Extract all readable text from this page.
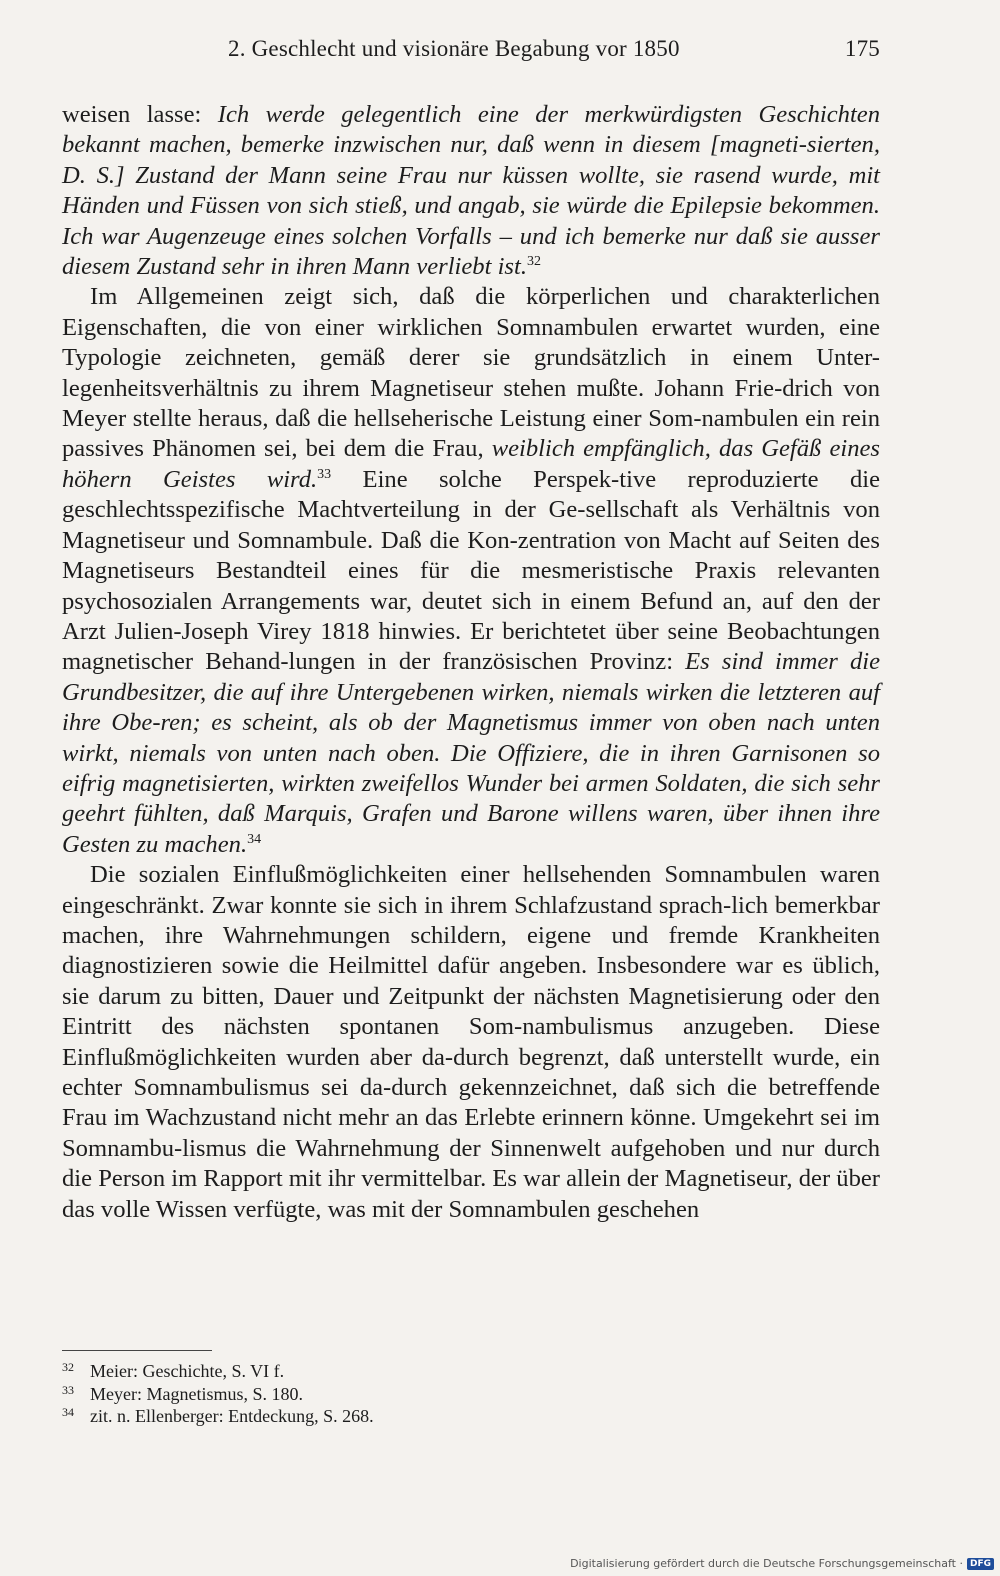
2. Geschlecht und visionäre Begabung vor 1850	175

weisen lasse: Ich werde gelegentlich eine der merkwürdigsten Geschichten bekannt machen, bemerke inzwischen nur, daß wenn in diesem [magneti-sierten, D. S.] Zustand der Mann seine Frau nur küssen wollte, sie rasend wurde, mit Händen und Füssen von sich stieß, und angab, sie würde die Epilepsie bekommen. Ich war Augenzeuge eines solchen Vorfalls – und ich bemerke nur daß sie ausser diesem Zustand sehr in ihren Mann verliebt ist.$^{32}$

Im Allgemeinen zeigt sich, daß die körperlichen und charakterlichen Eigenschaften, die von einer wirklichen Somnambulen erwartet wurden, eine Typologie zeichneten, gemäß derer sie grundsätzlich in einem Unter-legenheitsverhältnis zu ihrem Magnetiseur stehen mußte. Johann Frie-drich von Meyer stellte heraus, daß die hellseherische Leistung einer Som-nambulen ein rein passives Phänomen sei, bei dem die Frau, weiblich empfänglich, das Gefäß eines höhern Geistes wird.$^{33}$ Eine solche Perspek-tive reproduzierte die geschlechtsspezifische Machtverteilung in der Ge-sellschaft als Verhältnis von Magnetiseur und Somnambule. Daß die Kon-zentration von Macht auf Seiten des Magnetiseurs Bestandteil eines für die mesmeristische Praxis relevanten psychosozialen Arrangements war, deutet sich in einem Befund an, auf den der Arzt Julien-Joseph Virey 1818 hinwies. Er berichtetet über seine Beobachtungen magnetischer Behand-lungen in der französischen Provinz: Es sind immer die Grundbesitzer, die auf ihre Untergebenen wirken, niemals wirken die letzteren auf ihre Obe-ren; es scheint, als ob der Magnetismus immer von oben nach unten wirkt, niemals von unten nach oben. Die Offiziere, die in ihren Garnisonen so eifrig magnetisierten, wirkten zweifellos Wunder bei armen Soldaten, die sich sehr geehrt fühlten, daß Marquis, Grafen und Barone willens waren, über ihnen ihre Gesten zu machen.$^{34}$

Die sozialen Einflußmöglichkeiten einer hellsehenden Somnambulen waren eingeschränkt. Zwar konnte sie sich in ihrem Schlafzustand sprach-lich bemerkbar machen, ihre Wahrnehmungen schildern, eigene und fremde Krankheiten diagnostizieren sowie die Heilmittel dafür angeben. Insbesondere war es üblich, sie darum zu bitten, Dauer und Zeitpunkt der nächsten Magnetisierung oder den Eintritt des nächsten spontanen Som-nambulismus anzugeben. Diese Einflußmöglichkeiten wurden aber da-durch begrenzt, daß unterstellt wurde, ein echter Somnambulismus sei da-durch gekennzeichnet, daß sich die betreffende Frau im Wachzustand nicht mehr an das Erlebte erinnern könne. Umgekehrt sei im Somnambu-lismus die Wahrnehmung der Sinnenwelt aufgehoben und nur durch die Person im Rapport mit ihr vermittelbar. Es war allein der Magnetiseur, der über das volle Wissen verfügte, was mit der Somnambulen geschehen

32 Meier: Geschichte, S. VI f.
33 Meyer: Magnetismus, S. 180.
34 zit. n. Ellenberger: Entdeckung, S. 268.
Digitalisierung gefördert durch die Deutsche Forschungsgemeinschaft · DFG
